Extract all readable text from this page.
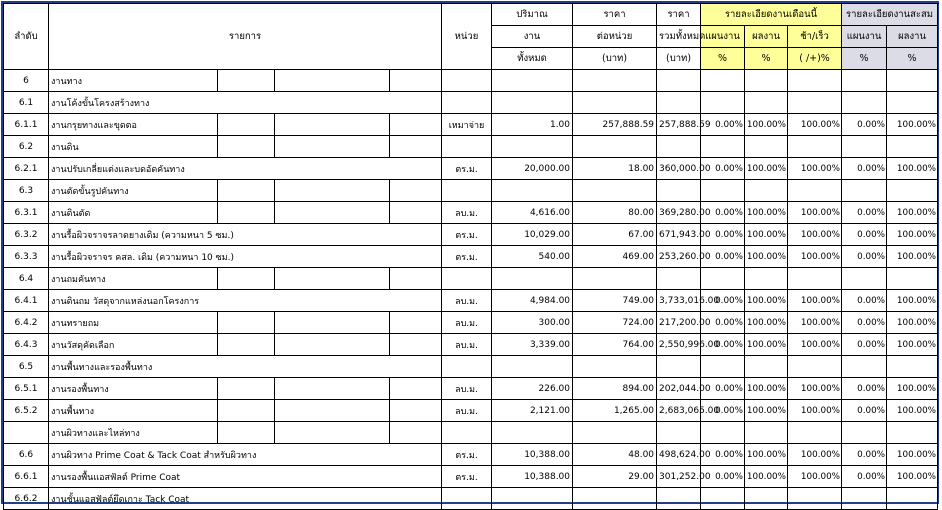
ลำดับ	รายการ				หน่วย	ปริมาณ	ราคา	ราคา	รายละเอียดงานเดือนนี้			รายละเอียดงานสะสม		
						งาน	ต่อหน่วย	รวมทั้งหมด	แผนงาน	ผลงาน	ช้า/เร็ว	แผนงาน	ผลงาน	
						ทั้งหมด	(บาท)	(บาท)	%	%	( /+)%	%	%	
6	งานทาง													
6.1	งานโค้งขั้นโครงสร้างทาง													
6.1.1	งานกรุยทางและขุดตอ				เหมาจ่าย	1.00	257,888.59	257,888.59	0.00%	100.00%	100.00%	0.00%	100.00%	
6.2	งานดิน													
6.2.1	งานปรับเกลี่ยแต่งและบดอัดคันทาง				ตร.ม.	20,000.00	18.00	360,000.00	0.00%	100.00%	100.00%	0.00%	100.00%	
6.3	งานตัดขั้นรูปคันทาง													
6.3.1	งานดินตัด				ลบ.ม.	4,616.00	80.00	369,280.00	0.00%	100.00%	100.00%	0.00%	100.00%	
6.3.2	งานรื้อผิวจราจรลาดยางเดิม (ความหนา 5 ซม.)				ตร.ม.	10,029.00	67.00	671,943.00	0.00%	100.00%	100.00%	0.00%	100.00%	
6.3.3	งานรื้อผิวจราจร คสล. เดิม (ความหนา 10 ซม.)				ตร.ม.	540.00	469.00	253,260.00	0.00%	100.00%	100.00%	0.00%	100.00%	
6.4	งานถมคันทาง													
6.4.1	งานดินถม วัสดุจากแหล่งนอกโครงการ				ลบ.ม.	4,984.00	749.00	3,733,016.00	0.00%	100.00%	100.00%	0.00%	100.00%	
6.4.2	งานทรายถม				ลบ.ม.	300.00	724.00	217,200.00	0.00%	100.00%	100.00%	0.00%	100.00%	
6.4.3	งานวัสดุคัดเลือก				ลบ.ม.	3,339.00	764.00	2,550,996.00	0.00%	100.00%	100.00%	0.00%	100.00%	
6.5	งานพื้นทางและรองพื้นทาง													
6.5.1	งานรองพื้นทาง				ลบ.ม.	226.00	894.00	202,044.00	0.00%	100.00%	100.00%	0.00%	100.00%	
6.5.2	งานพื้นทาง				ลบ.ม.	2,121.00	1,265.00	2,683,065.00	0.00%	100.00%	100.00%	0.00%	100.00%	
	งานผิวทางและไหล่ทาง													
6.6	งานผิวทาง Prime Coat & Tack Coat สำหรับผิวทาง				ตร.ม.	10,388.00	48.00	498,624.00	0.00%	100.00%	100.00%	0.00%	100.00%	
6.6.1	งานรองพื้นแอสฟัลต์ Prime Coat				ตร.ม.	10,388.00	29.00	301,252.00	0.00%	100.00%	100.00%	0.00%	100.00%	
6.6.2	งานชั้นแอสฟัลต์ยึดเกาะ Tack Coat													
